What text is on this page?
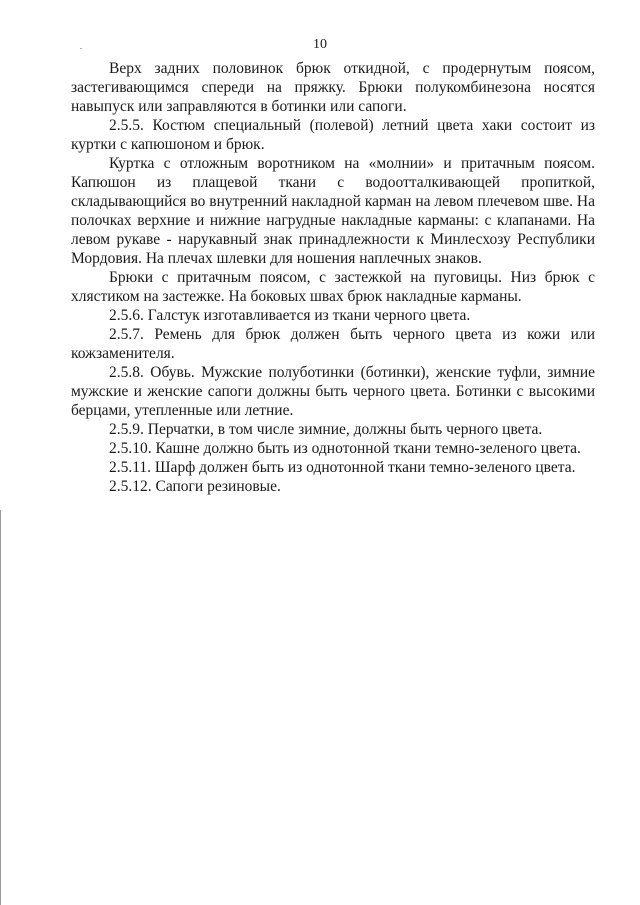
10

Верх задних половинок брюк откидной, с продернутым поясом, застегивающимся спереди на пряжку. Брюки полукомбинезона носятся навыпуск или заправляются в ботинки или сапоги.

2.5.5. Костюм специальный (полевой) летний цвета хаки состоит из куртки с капюшоном и брюк.

Куртка с отложным воротником на «молнии» и притачным поясом. Капюшон из плащевой ткани с водоотталкивающей пропиткой, складывающийся во внутренний накладной карман на левом плечевом шве. На полочках верхние и нижние нагрудные накладные карманы: с клапанами. На левом рукаве - нарукавный знак принадлежности к Минлесхозу Республики Мордовия. На плечах шлевки для ношения наплечных знаков.

Брюки с притачным поясом, с застежкой на пуговицы. Низ брюк с хлястиком на застежке. На боковых швах брюк накладные карманы.

2.5.6. Галстук изготавливается из ткани черного цвета.

2.5.7. Ремень для брюк должен быть черного цвета из кожи или кожзаменителя.

2.5.8. Обувь. Мужские полуботинки (ботинки), женские туфли, зимние мужские и женские сапоги должны быть черного цвета. Ботинки с высокими берцами, утепленные или летние.

2.5.9. Перчатки, в том числе зимние, должны быть черного цвета.

2.5.10. Кашне должно быть из однотонной ткани темно-зеленого цвета.

2.5.11. Шарф должен быть из однотонной ткани темно-зеленого цвета.

2.5.12. Сапоги резиновые.
